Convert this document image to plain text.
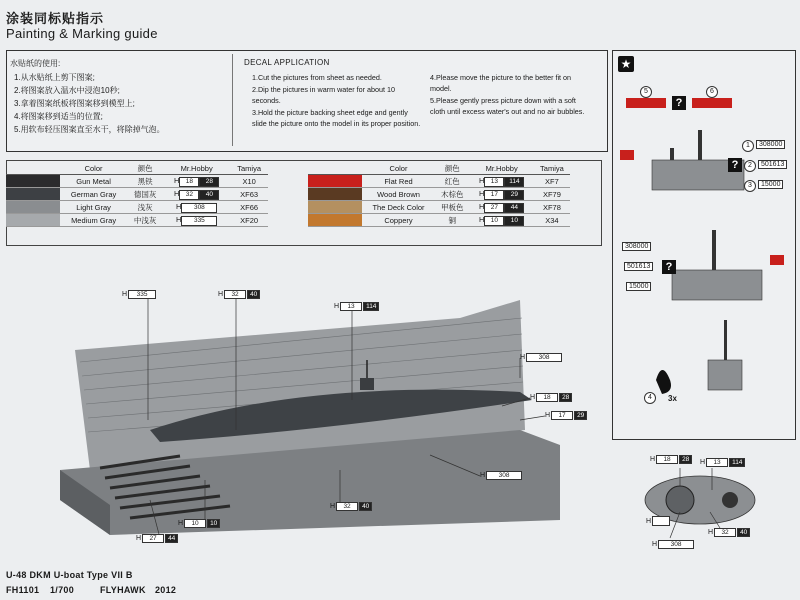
涂装同标贴指示
Painting & Marking guide
水贴纸的使用:
1.从水贴纸上剪下图案;
2.将图案放入温水中浸泡10秒;
3.拿着图案纸板将图案移到模型上;
4.将图案移到适当的位置;
5.用软布轻压图案直至水干，将除掉气泡。
DECAL APPLICATION
1.Cut the pictures from sheet as needed.
2.Dip the pictures in warm water for about 10 seconds.
3.Hold the picture backing sheet edge and gently slide the picture onto the model in its proper position.
4.Please move the picture to the better fit on model.
5.Please gently press picture down with a soft cloth until excess water's out and no air bubbles.
	Color	颜色	Mr.Hobby	Tamiya
	Gun Metal	黑铁	H 18 28	X10
	German Gray	德国灰	H 32 40	XF63
	Light Gray	浅灰	H 308	XF66
	Medium Gray	中浅灰	H 335	XF20
	Color	颜色	Mr.Hobby	Tamiya
	Flat Red	红色	H 13 114	XF7
	Wood Brown	木棕色	H 17 29	XF79
	The Deck Color	甲板色	H 27 44	XF78
	Coppery	铜	H 10 10	X34
H	335	H	32	40
H	13	114
H	308
H	18	28
H	17	29
H	308
H	32	40
H	10	10
H	27	44
★
5	6
?
1	308000
?	2	501613
3	15000
308000
501613	?
15000
4	3x
H	18	28	H	13	114
H	32	40
H
H	308
U-48 DKM U-boat Type VII B
FH1101 1/700	FLYHAWK 2012
